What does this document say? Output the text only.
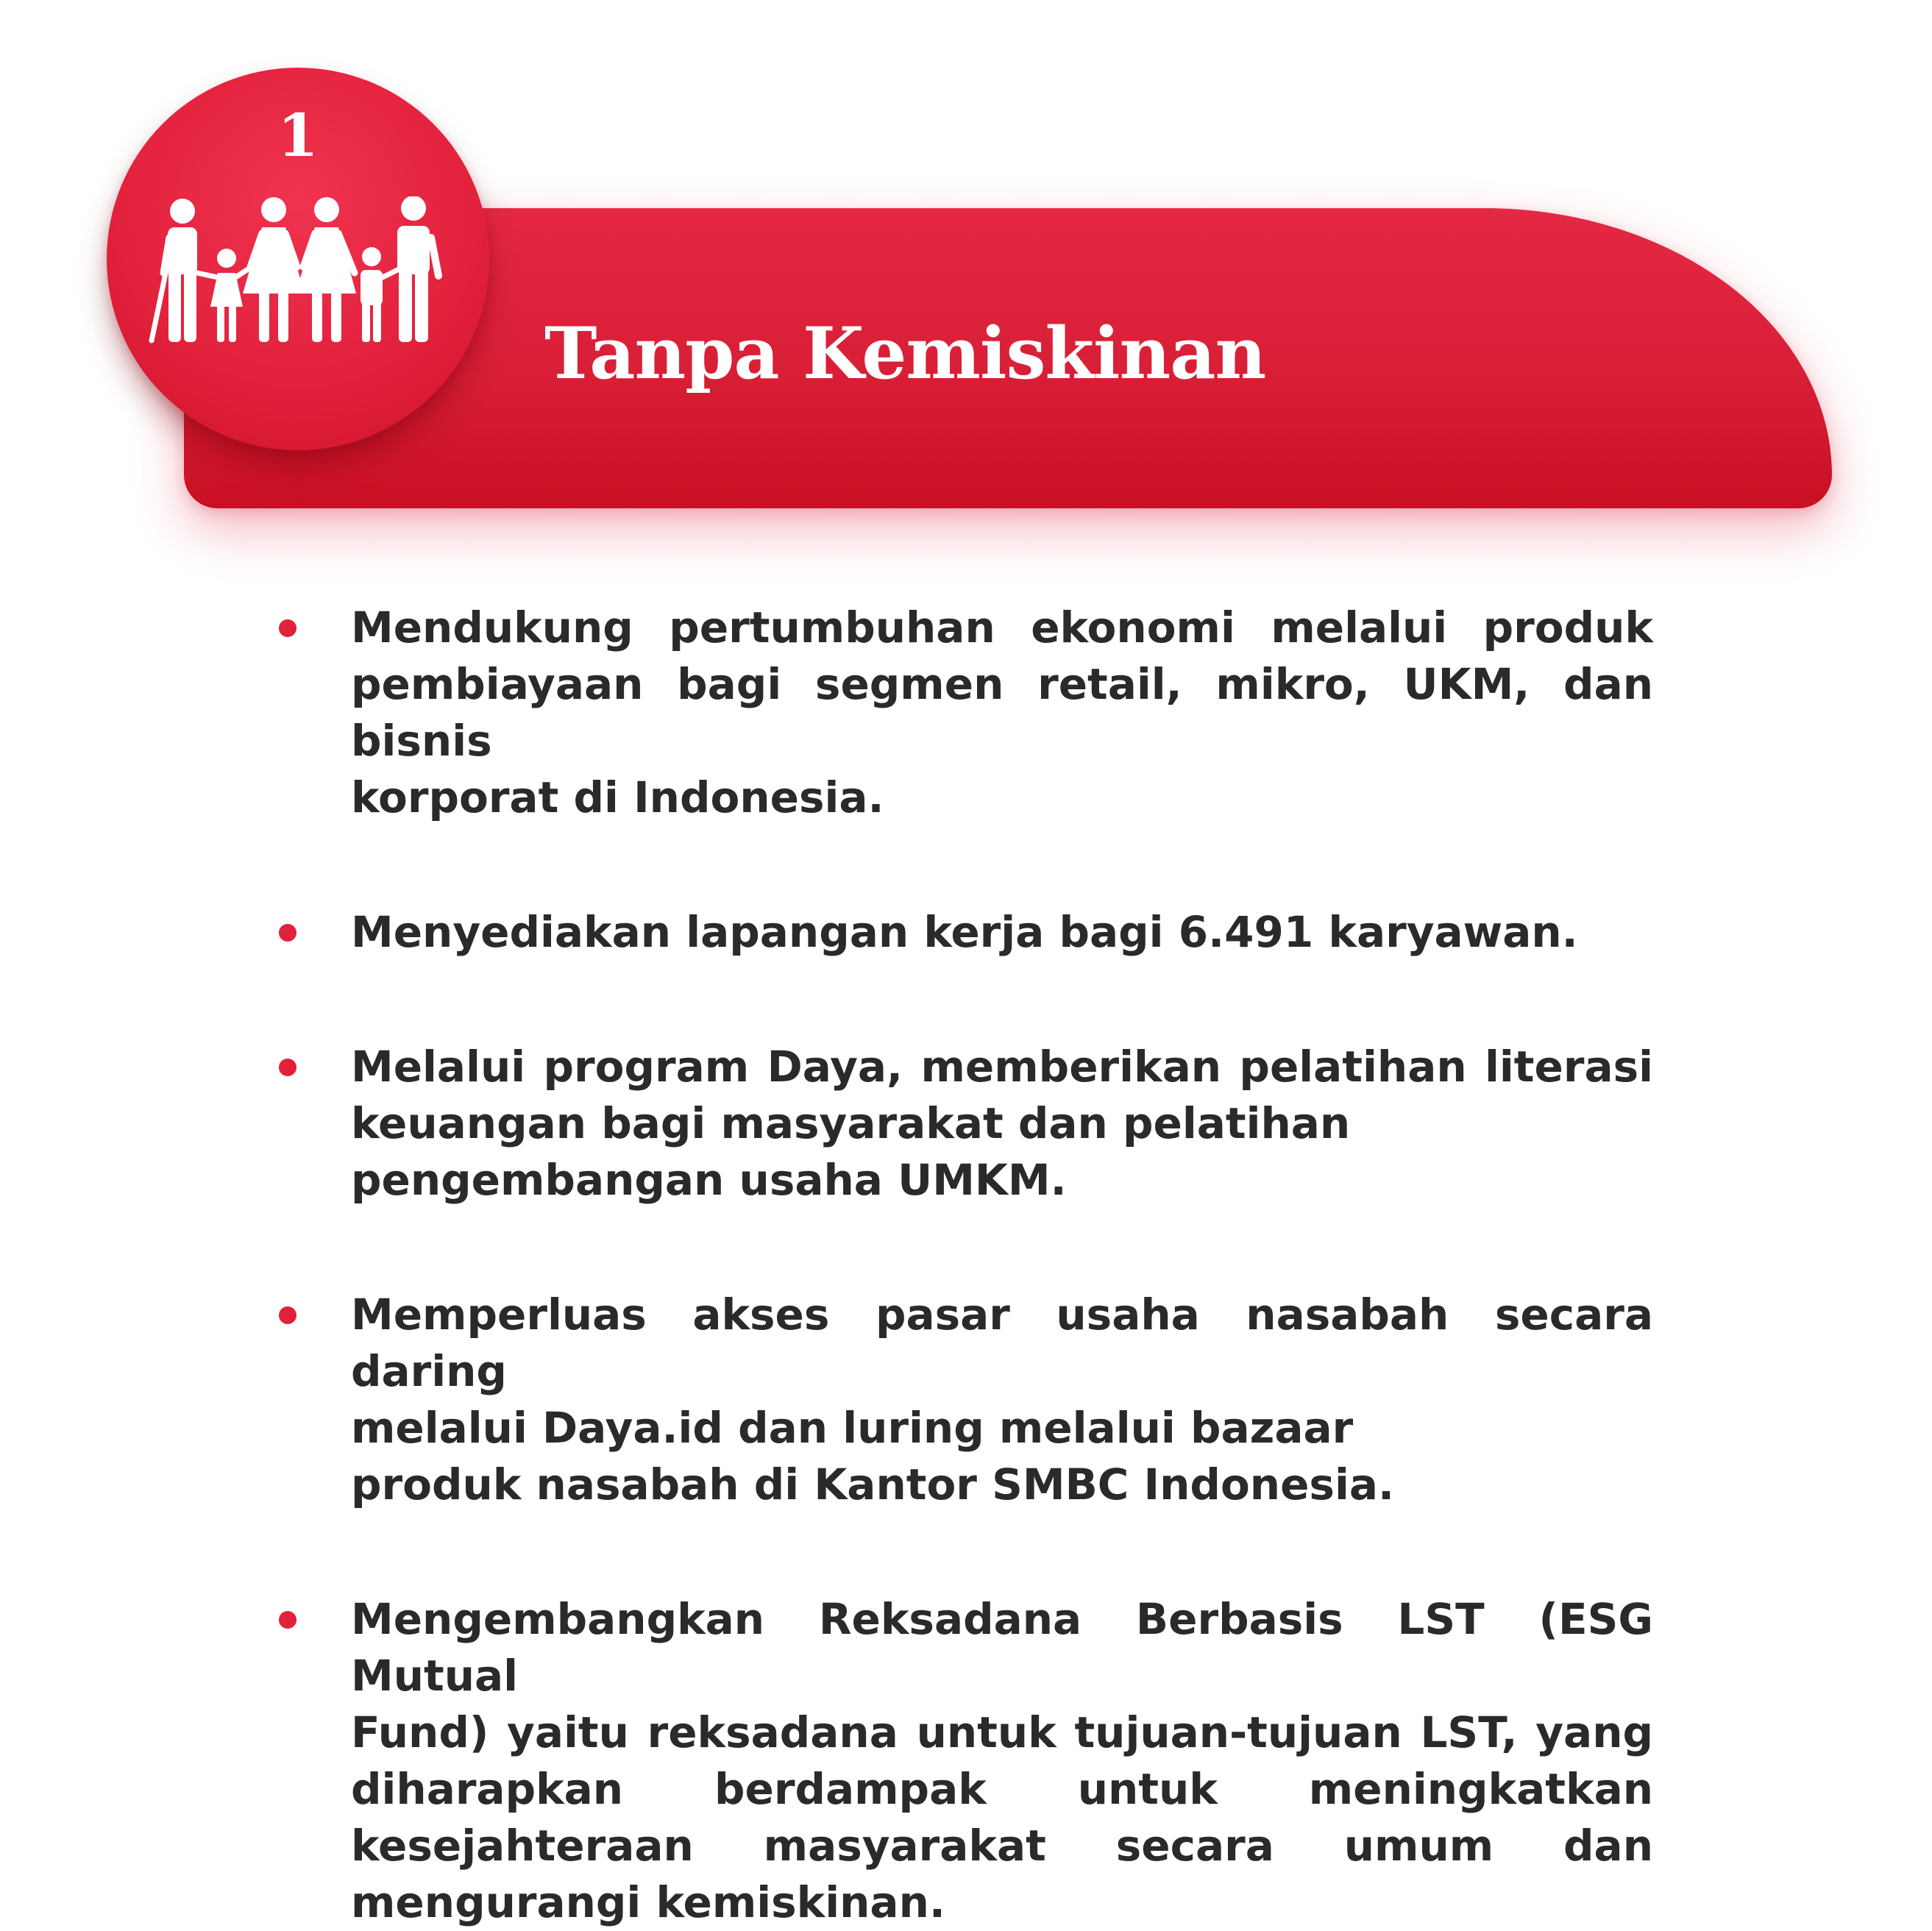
1
Tanpa Kemiskinan
Mendukung pertumbuhan ekonomi melalui produk
pembiayaan bagi segmen retail, mikro, UKM, dan bisnis
korporat di Indonesia.
Menyediakan lapangan kerja bagi 6.491 karyawan.
Melalui program Daya, memberikan pelatihan literasi
keuangan bagi masyarakat dan pelatihan
pengembangan usaha UMKM.
Memperluas akses pasar usaha nasabah secara daring
melalui Daya.id dan luring melalui bazaar
produk nasabah di Kantor SMBC Indonesia.
Mengembangkan Reksadana Berbasis LST (ESG Mutual
Fund) yaitu reksadana untuk tujuan-tujuan LST, yang
diharapkan berdampak untuk meningkatkan
kesejahteraan masyarakat secara umum dan
mengurangi kemiskinan.
